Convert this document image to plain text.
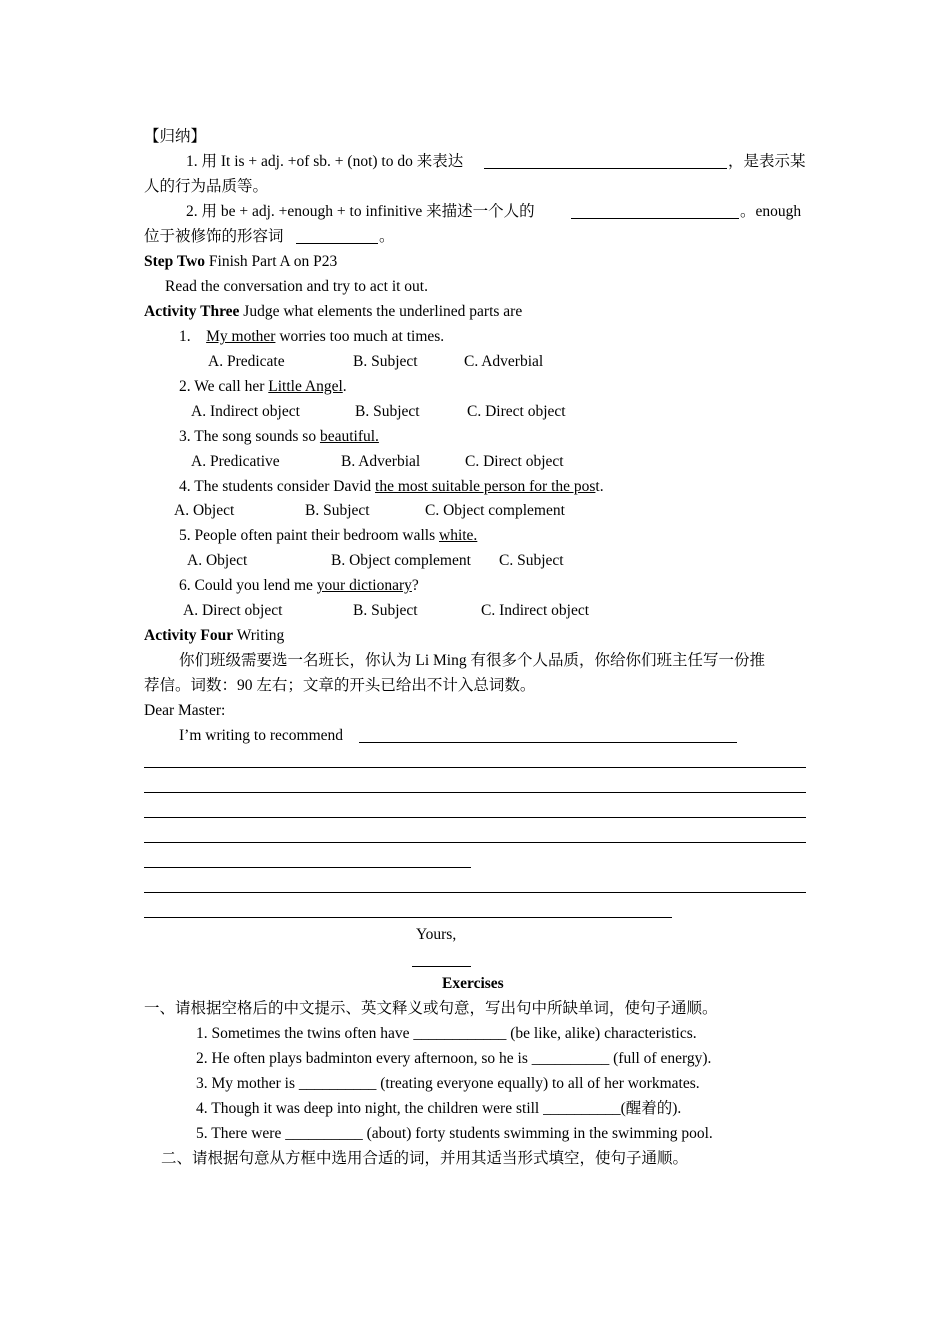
【归纳】
1. 用 It is + adj. +of sb. + (not) to do 来表达	，是表示某
人的行为品质等。
2. 用 be + adj. +enough + to infinitive 来描述一个人的	。enough
位于被修饰的形容词	。
Step Two Finish Part A on P23
Read the conversation and try to act it out.
Activity Three Judge what elements the underlined parts are
1.    My mother worries too much at times.
A. Predicate	B. Subject	C. Adverbial
2. We call her Little Angel.
A. Indirect object	B. Subject	C. Direct object
3. The song sounds so beautiful.
A. Predicative	B. Adverbial	C. Direct object
4. The students consider David the most suitable person for the post.
A. Object	B. Subject	C. Object complement
5. People often paint their bedroom walls white.
A. Object	B. Object complement C. Subject
6. Could you lend me your dictionary?
A. Direct object	B. Subject	C. Indirect object
Activity Four Writing
你们班级需要选一名班长，你认为 Li Ming 有很多个人品质，你给你们班主任写一份推
荐信。词数：90 左右；文章的开头已给出不计入总词数。
Dear Master:
I’m writing to recommend
Yours,
Exercises
一、请根据空格后的中文提示、英文释义或句意，写出句中所缺单词，使句子通顺。
1. Sometimes the twins often have ____________ (be like, alike) characteristics.
2. He often plays badminton every afternoon, so he is __________ (full of energy).
3. My mother is __________ (treating everyone equally) to all of her workmates.
4. Though it was deep into night, the children were still __________(醒着的).
5. There were __________ (about) forty students swimming in the swimming pool.
二、请根据句意从方框中选用合适的词，并用其适当形式填空，使句子通顺。
